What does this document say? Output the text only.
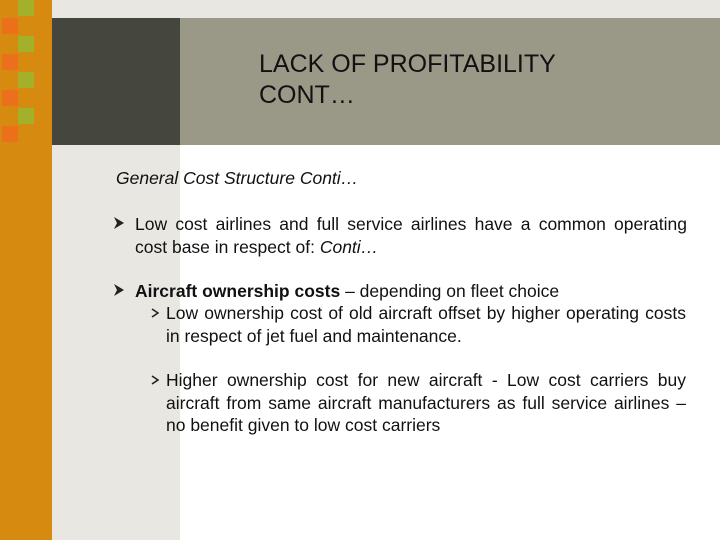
LACK OF PROFITABILITY
CONT…
General Cost Structure Conti…
Low cost airlines and full service airlines have a common operating cost base in respect of: Conti…
Aircraft ownership costs – depending on fleet choice
Low ownership cost of old aircraft offset by higher operating costs in respect of jet fuel and maintenance.
Higher ownership cost for new aircraft - Low cost carriers buy aircraft from same aircraft manufacturers as full service airlines – no benefit given to low cost carriers
